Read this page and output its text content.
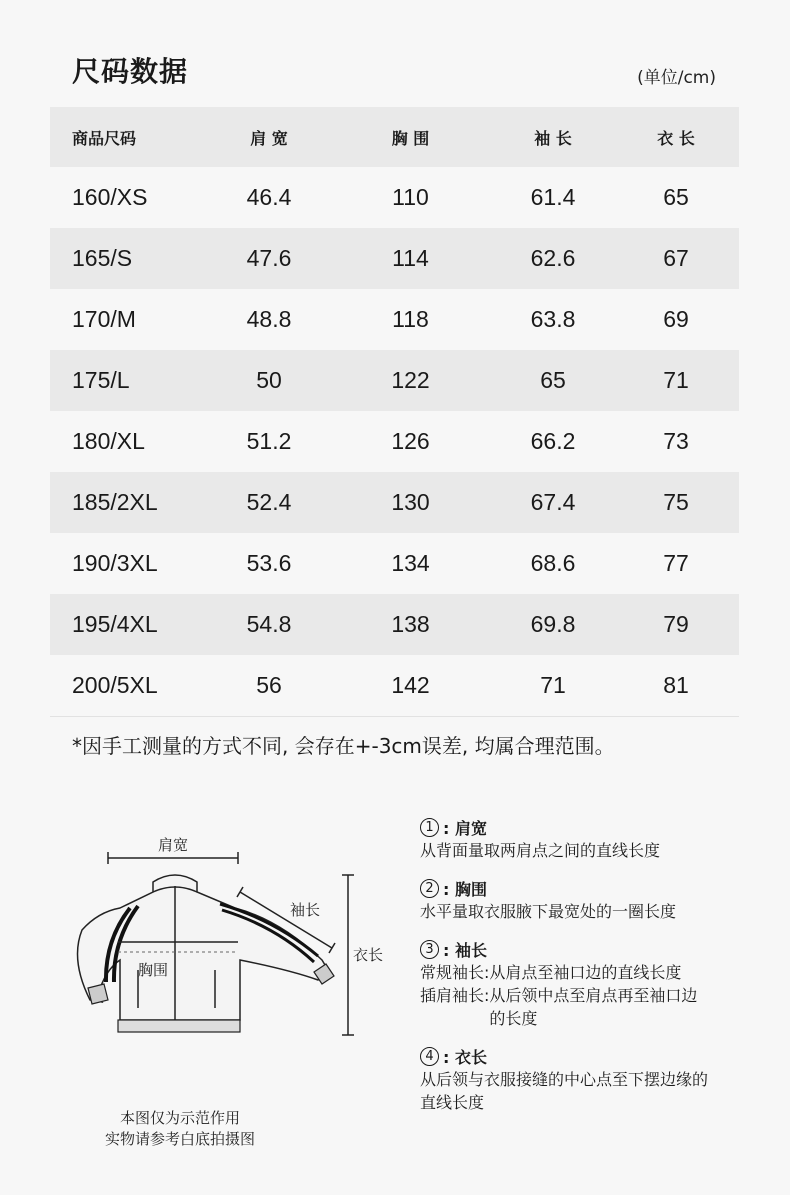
尺码数据	(单位/cm)
商品尺码	肩 宽	胸 围	袖 长	衣 长
160/XS	46.4	110	61.4	65
165/S	47.6	114	62.6	67
170/M	48.8	118	63.8	69
175/L	50	122	65	71
180/XL	51.2	126	66.2	73
185/2XL	52.4	130	67.4	75
190/3XL	53.6	134	68.6	77
195/4XL	54.8	138	69.8	79
200/5XL	56	142	71	81
*因手工测量的方式不同, 会存在+-3cm误差, 均属合理范围。
肩宽
袖长
胸围
衣长
本图仅为示范作用
实物请参考白底拍摄图
1 : 肩宽
从背面量取两肩点之间的直线长度
2 : 胸围
水平量取衣服腋下最宽处的一圈长度
3 : 袖长
常规袖长: 从肩点至袖口边的直线长度
插肩袖长: 从后领中点至肩点再至袖口边的长度
4 : 衣长
从后领与衣服接缝的中心点至下摆边缘的直线长度
